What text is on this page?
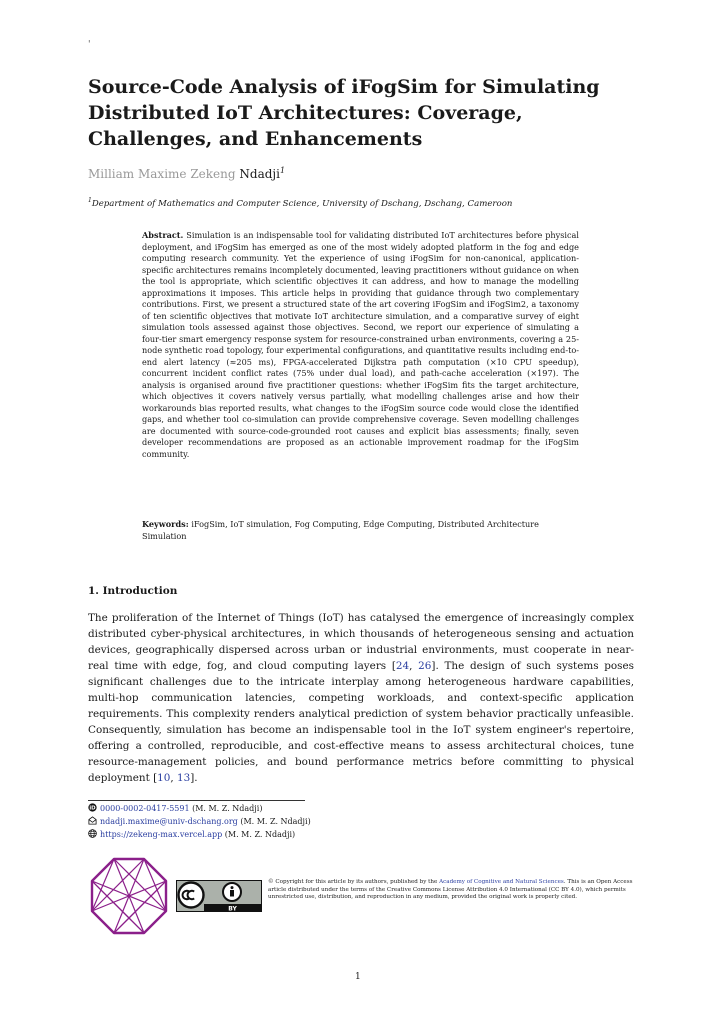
'
Source-Code Analysis of iFogSim for Simulating Distributed IoT Architectures: Coverage, Challenges, and Enhancements
Milliam Maxime Zekeng Ndadji$^1$
$^1$Department of Mathematics and Computer Science, University of Dschang, Dschang, Cameroon
Abstract. Simulation is an indispensable tool for validating distributed IoT architectures before physical deployment, and iFogSim has emerged as one of the most widely adopted platform in the fog and edge computing research community. Yet the experience of using iFogSim for non-canonical, application-specific architectures remains incompletely documented, leaving practitioners without guidance on when the tool is appropriate, which scientific objectives it can address, and how to manage the modelling approximations it imposes. This article helps in providing that guidance through two complementary contributions. First, we present a structured state of the art covering iFogSim and iFogSim2, a taxonomy of ten scientific objectives that motivate IoT architecture simulation, and a comparative survey of eight simulation tools assessed against those objectives. Second, we report our experience of simulating a four-tier smart emergency response system for resource-constrained urban environments, covering a 25-node synthetic road topology, four experimental configurations, and quantitative results including end-to-end alert latency (≈205 ms), FPGA-accelerated Dijkstra path computation (×10 CPU speedup), concurrent incident conflict rates (75% under dual load), and path-cache acceleration (×197). The analysis is organised around five practitioner questions: whether iFogSim fits the target architecture, which objectives it covers natively versus partially, what modelling challenges arise and how their workarounds bias reported results, what changes to the iFogSim source code would close the identified gaps, and whether tool co-simulation can provide comprehensive coverage. Seven modelling challenges are documented with source-code-grounded root causes and explicit bias assessments; finally, seven developer recommendations are proposed as an actionable improvement roadmap for the iFogSim community.
Keywords: iFogSim, IoT simulation, Fog Computing, Edge Computing, Distributed Architecture Simulation
1. Introduction
The proliferation of the Internet of Things (IoT) has catalysed the emergence of increasingly complex distributed cyber-physical architectures, in which thousands of heterogeneous sensing and actuation devices, geographically dispersed across urban or industrial environments, must cooperate in near-real time with edge, fog, and cloud computing layers [24, 26]. The design of such systems poses significant challenges due to the intricate interplay among heterogeneous hardware capabilities, multi-hop communication latencies, competing workloads, and context-specific application requirements. This complexity renders analytical prediction of system behavior practically unfeasible. Consequently, simulation has become an indispensable tool in the IoT system engineer's repertoire, offering a controlled, reproducible, and cost-effective means to assess architectural choices, tune resource-management policies, and bound performance metrics before committing to physical deployment [10, 13].
iD 0000-0002-0417-5591 (M. M. Z. Ndadji)
ndadji.maxime@univ-dschang.org (M. M. Z. Ndadji)
https://zekeng-max.vercel.app (M. M. Z. Ndadji)
BY
© Copyright for this article by its authors, published by the Academy of Cognitive and Natural Sciences. This is an Open Access article distributed under the terms of the Creative Commons License Attribution 4.0 International (CC BY 4.0), which permits unrestricted use, distribution, and reproduction in any medium, provided the original work is properly cited.
1
